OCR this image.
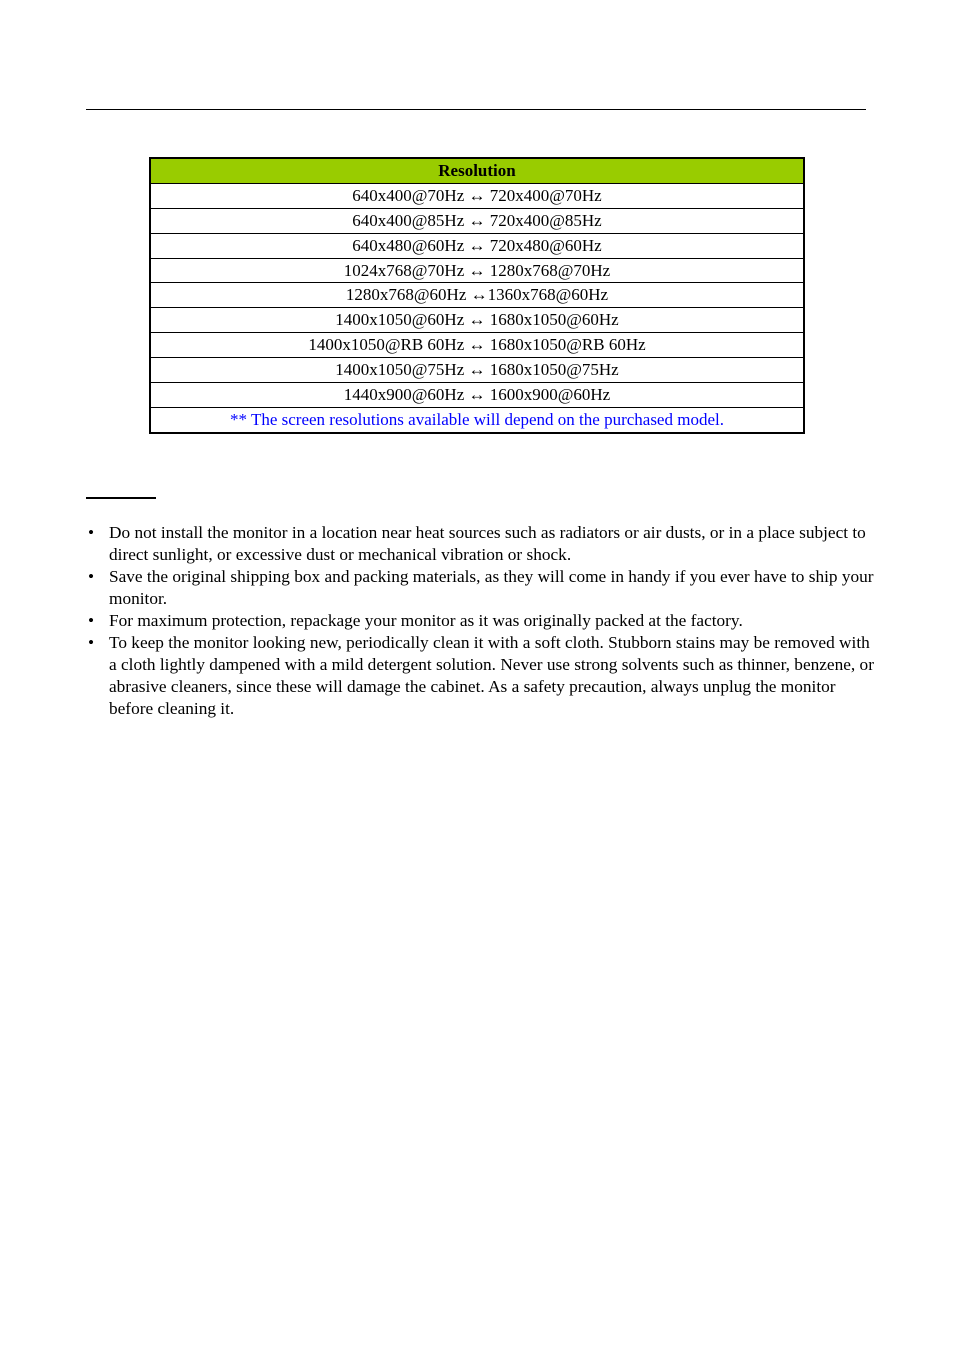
Resolution
640x400@70Hz ↔ 720x400@70Hz
640x400@85Hz ↔ 720x400@85Hz
640x480@60Hz ↔ 720x480@60Hz
1024x768@70Hz ↔ 1280x768@70Hz
1280x768@60Hz ↔1360x768@60Hz
1400x1050@60Hz ↔ 1680x1050@60Hz
1400x1050@RB 60Hz ↔ 1680x1050@RB 60Hz
1400x1050@75Hz ↔ 1680x1050@75Hz
1440x900@60Hz ↔ 1600x900@60Hz
** The screen resolutions available will depend on the purchased model.
• Do not install the monitor in a location near heat sources such as radiators or air dusts, or in a place subject to direct sunlight, or excessive dust or mechanical vibration or shock.
• Save the original shipping box and packing materials, as they will come in handy if you ever have to ship your monitor.
• For maximum protection, repackage your monitor as it was originally packed at the factory.
• To keep the monitor looking new, periodically clean it with a soft cloth. Stubborn stains may be removed with a cloth lightly dampened with a mild detergent solution. Never use strong solvents such as thinner, benzene, or abrasive cleaners, since these will damage the cabinet. As a safety precaution, always unplug the monitor before cleaning it.
